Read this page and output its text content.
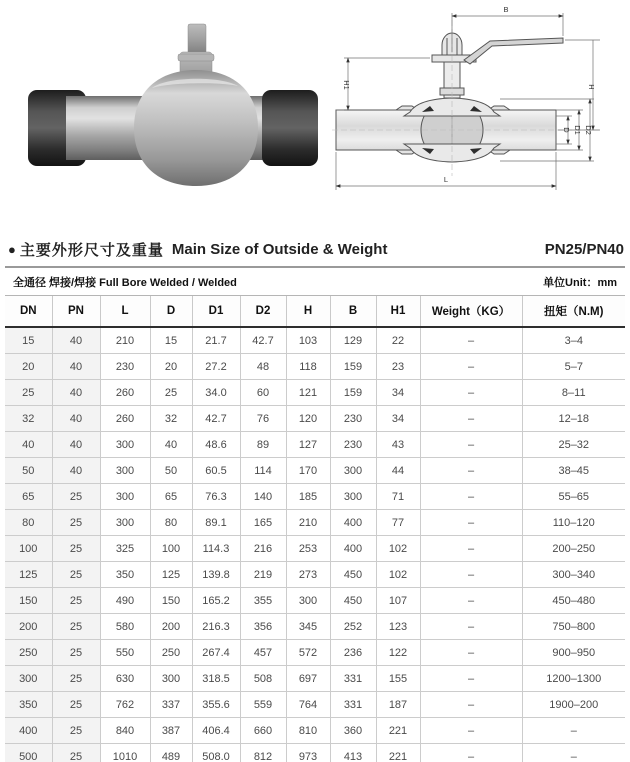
B
H
H1
D D1 D2
L
● 主要外形尺寸及重量 Main Size of Outside & Weight	PN25/PN40
全通径 焊接/焊接 Full Bore Welded / Welded									单位Unit：mm	
DN	PN	L	D	D1	D2	H	B	H1	Weight（KG）	扭矩（N.M)
15	40	210	15	21.7	42.7	103	129	22	–	3–4
20	40	230	20	27.2	48	118	159	23	–	5–7
25	40	260	25	34.0	60	121	159	34	–	8–11
32	40	260	32	42.7	76	120	230	34	–	12–18
40	40	300	40	48.6	89	127	230	43	–	25–32
50	40	300	50	60.5	114	170	300	44	–	38–45
65	25	300	65	76.3	140	185	300	71	–	55–65
80	25	300	80	89.1	165	210	400	77	–	110–120
100	25	325	100	114.3	216	253	400	102	–	200–250
125	25	350	125	139.8	219	273	450	102	–	300–340
150	25	490	150	165.2	355	300	450	107	–	450–480
200	25	580	200	216.3	356	345	252	123	–	750–800
250	25	550	250	267.4	457	572	236	122	–	900–950
300	25	630	300	318.5	508	697	331	155	–	1200–1300
350	25	762	337	355.6	559	764	331	187	–	1900–200
400	25	840	387	406.4	660	810	360	221	–	–
500	25	1010	489	508.0	812	973	413	221	–	–
